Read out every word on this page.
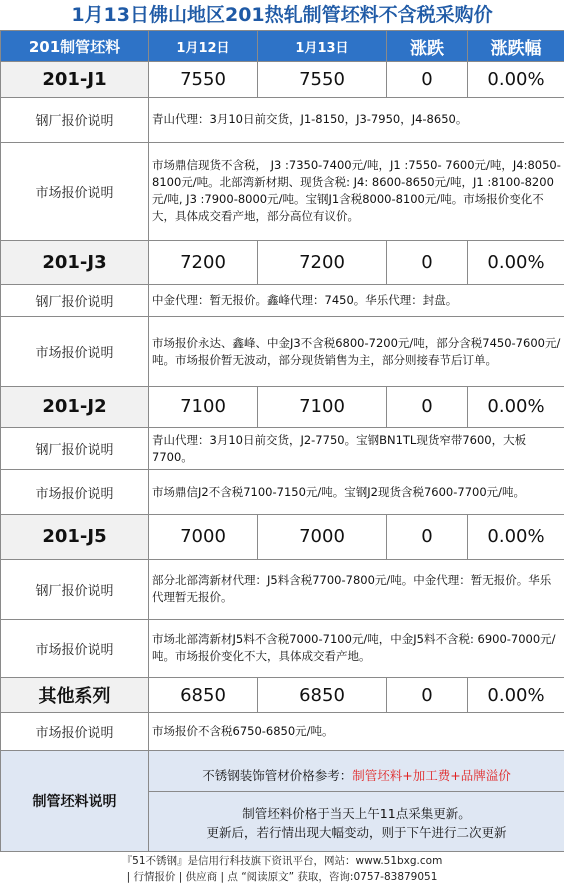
1月13日佛山地区201热轧制管坯料不含税采购价
201制管坯料	1月12日	1月13日	涨跌	涨跌幅
201-J1	7550	7550	0	0.00%
钢厂报价说明	青山代理：3月10日前交货，J1-8150，J3-7950，J4-8650。			
市场报价说明	市场鼎信现货不含税， J3 :7350-7400元/吨，J1 :7550- 7600元/吨，J4:8050-8100元/吨。北部湾新材期、现货含税: J4: 8600-8650元/吨，J1 :8100-8200元/吨, J3 :7900-8000元/吨。宝钢J1含税8000-8100元/吨。市场报价变化不大，具体成交看产地，部分高位有议价。			
201-J3	7200	7200	0	0.00%
钢厂报价说明	中金代理：暂无报价。鑫峰代理：7450。华乐代理：封盘。			
市场报价说明	市场报价永达、鑫峰、中金J3不含税6800-7200元/吨，部分含税7450-7600元/吨。市场报价暂无波动，部分现货销售为主，部分则接春节后订单。			
201-J2	7100	7100	0	0.00%
钢厂报价说明	青山代理：3月10日前交货，J2-7750。宝钢BN1TL现货窄带7600，大板7700。			
市场报价说明	市场鼎信J2不含税7100-7150元/吨。宝钢J2现货含税7600-7700元/吨。			
201-J5	7000	7000	0	0.00%
钢厂报价说明	部分北部湾新材代理：J5料含税7700-7800元/吨。中金代理：暂无报价。华乐代理暂无报价。			
市场报价说明	市场北部湾新材J5料不含税7000-7100元/吨，中金J5料不含税: 6900-7000元/吨。市场报价变化不大，具体成交看产地。			
其他系列	6850	6850	0	0.00%
市场报价说明	市场报价不含税6750-6850元/吨。			
制管坯料说明	不锈钢装饰管材价格参考：制管坯料+加工费+品牌溢价
制管坯料价格于当天上午11点采集更新。
更新后，若行情出现大幅变动，则于下午进行二次更新			
『51不锈钢』是信用行科技旗下资讯平台，网站：www.51bxg.com
| 行情报价 | 供应商 | 点 “阅读原文” 获取，咨询:0757-83879051
